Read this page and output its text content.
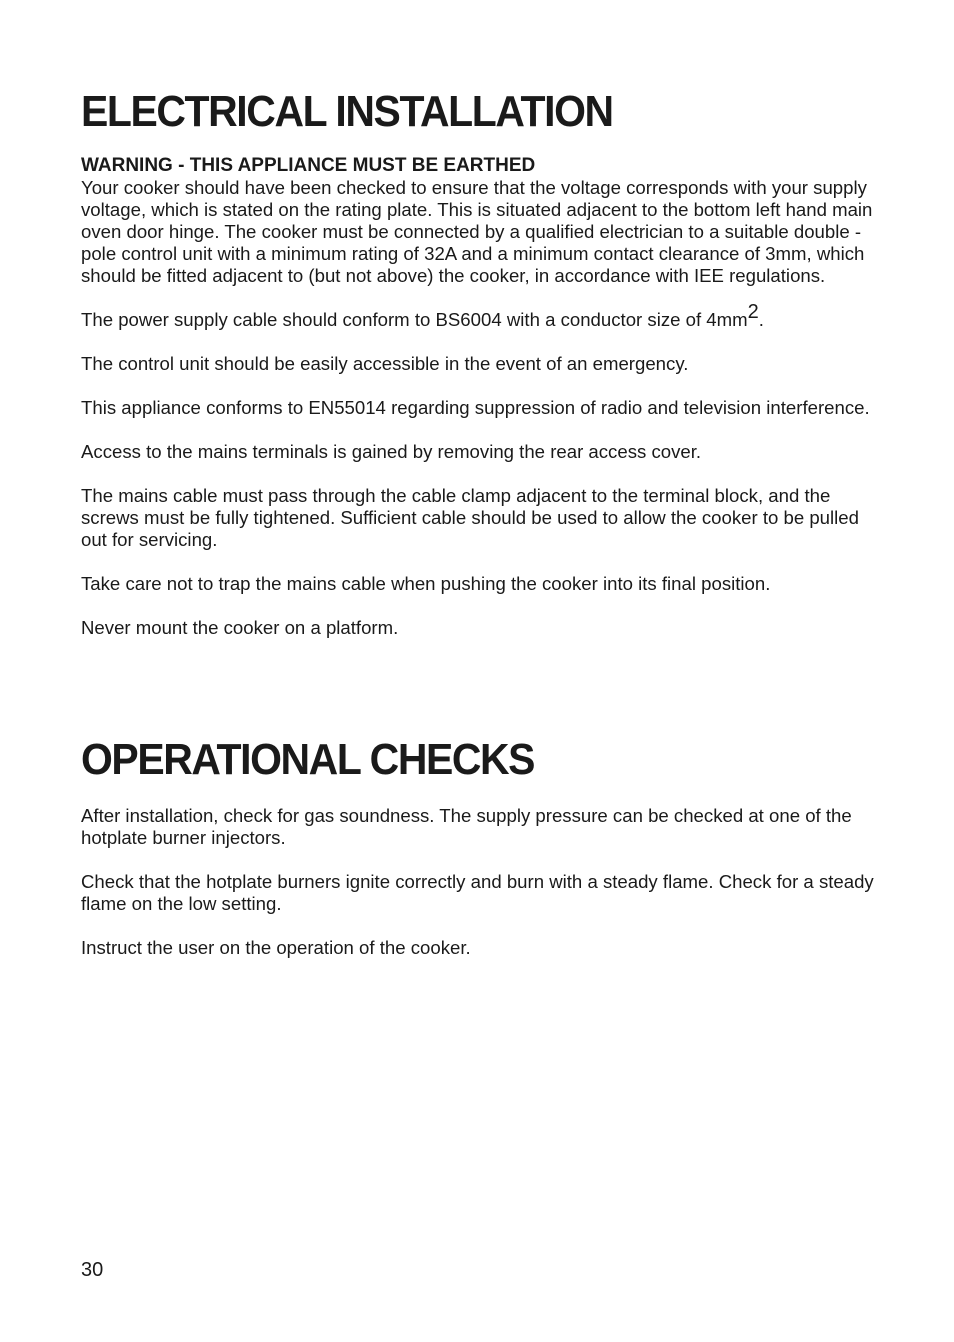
ELECTRICAL INSTALLATION

WARNING - THIS APPLIANCE MUST BE EARTHED
Your cooker should have been checked to ensure that the voltage corresponds with your supply voltage, which is stated on the rating plate. This is situated adjacent to the bottom left hand main oven door hinge. The cooker must be connected by a qualified electrician to a suitable double - pole control unit with a minimum rating of 32A and a minimum contact clearance of 3mm, which should be fitted adjacent to (but not above) the cooker, in accordance with IEE regulations.

The power supply cable should conform to BS6004 with a conductor size of $4mm^2$.

The control unit should be easily accessible in the event of an emergency.

This appliance conforms to EN55014 regarding suppression of radio and television interference.

Access to the mains terminals is gained by removing the rear access cover.

The mains cable must pass through the cable clamp adjacent to the terminal block, and the screws must be fully tightened. Sufficient cable should be used to allow the cooker to be pulled out for servicing.

Take care not to trap the mains cable when pushing the cooker into its final position.

Never mount the cooker on a platform.

OPERATIONAL CHECKS

After installation, check for gas soundness. The supply pressure can be checked at one of the hotplate burner injectors.

Check that the hotplate burners ignite correctly and burn with a steady flame. Check for a steady flame on the low setting.

Instruct the user on the operation of the cooker.

30
